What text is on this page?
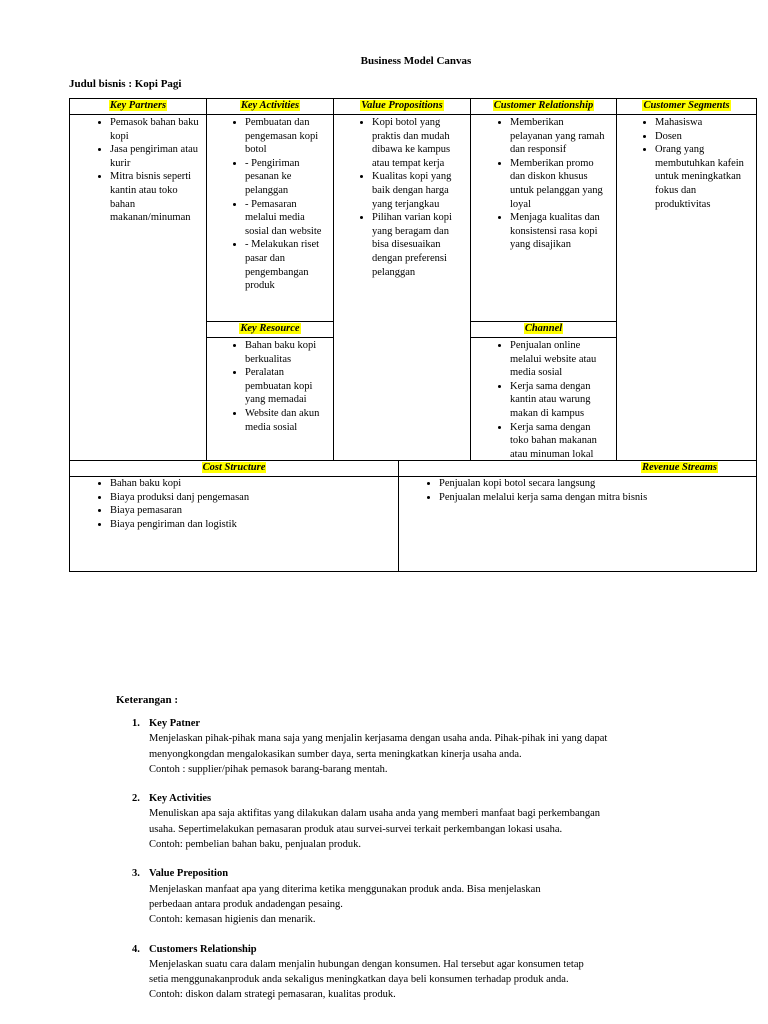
Business Model Canvas
Judul bisnis : Kopi Pagi
Key Partners
• Pemasok bahan baku kopi
• Jasa pengiriman atau kurir
• Mitra bisnis seperti kantin atau toko bahan makanan/minuman
Key Activities
• Pembuatan dan pengemasan kopi botol
• - Pengiriman pesanan ke pelanggan
• - Pemasaran melalui media sosial dan website
• - Melakukan riset pasar dan pengembangan produk
Key Resource
• Bahan baku kopi berkualitas
• Peralatan pembuatan kopi yang memadai
• Website dan akun media sosial
Value Propositions
• Kopi botol yang praktis dan mudah dibawa ke kampus atau tempat kerja
• Kualitas kopi yang baik dengan harga yang terjangkau
• Pilihan varian kopi yang beragam dan bisa disesuaikan dengan preferensi pelanggan
Customer Relationship
• Memberikan pelayanan yang ramah dan responsif
• Memberikan promo dan diskon khusus untuk pelanggan yang loyal
• Menjaga kualitas dan konsistensi rasa kopi yang disajikan
Channel
• Penjualan online melalui website atau media sosial
• Kerja sama dengan kantin atau warung makan di kampus
• Kerja sama dengan toko bahan makanan atau minuman lokal
Customer Segments
• Mahasiswa
• Dosen
• Orang yang membutuhkan kafein untuk meningkatkan fokus dan produktivitas
Cost Structure
• Bahan baku kopi
• Biaya produksi danj pengemasan
• Biaya pemasaran
• Biaya pengiriman dan logistik
Revenue Streams
• Penjualan kopi botol secara langsung
• Penjualan melalui kerja sama dengan mitra bisnis
Keterangan :
1. Key Patner
Menjelaskan pihak-pihak mana saja yang menjalin kerjasama dengan usaha anda. Pihak-pihak ini yang dapat
menyongkongdan mengalokasikan sumber daya, serta meningkatkan kinerja usaha anda.
Contoh : supplier/pihak pemasok barang-barang mentah.
2. Key Activities
Menuliskan apa saja aktifitas yang dilakukan dalam usaha anda yang memberi manfaat bagi perkembangan
usaha. Sepertimelakukan pemasaran produk atau survei-survei terkait perkembangan lokasi usaha.
Contoh: pembelian bahan baku, penjualan produk.
3. Value Preposition
Menjelaskan manfaat apa yang diterima ketika menggunakan produk anda. Bisa menjelaskan
perbedaan antara produk andadengan pesaing.
Contoh: kemasan higienis dan menarik.
4. Customers Relationship
Menjelaskan suatu cara dalam menjalin hubungan dengan konsumen. Hal tersebut agar konsumen tetap
setia menggunakanproduk anda sekaligus meningkatkan daya beli konsumen terhadap produk anda.
Contoh: diskon dalam strategi pemasaran, kualitas produk.
